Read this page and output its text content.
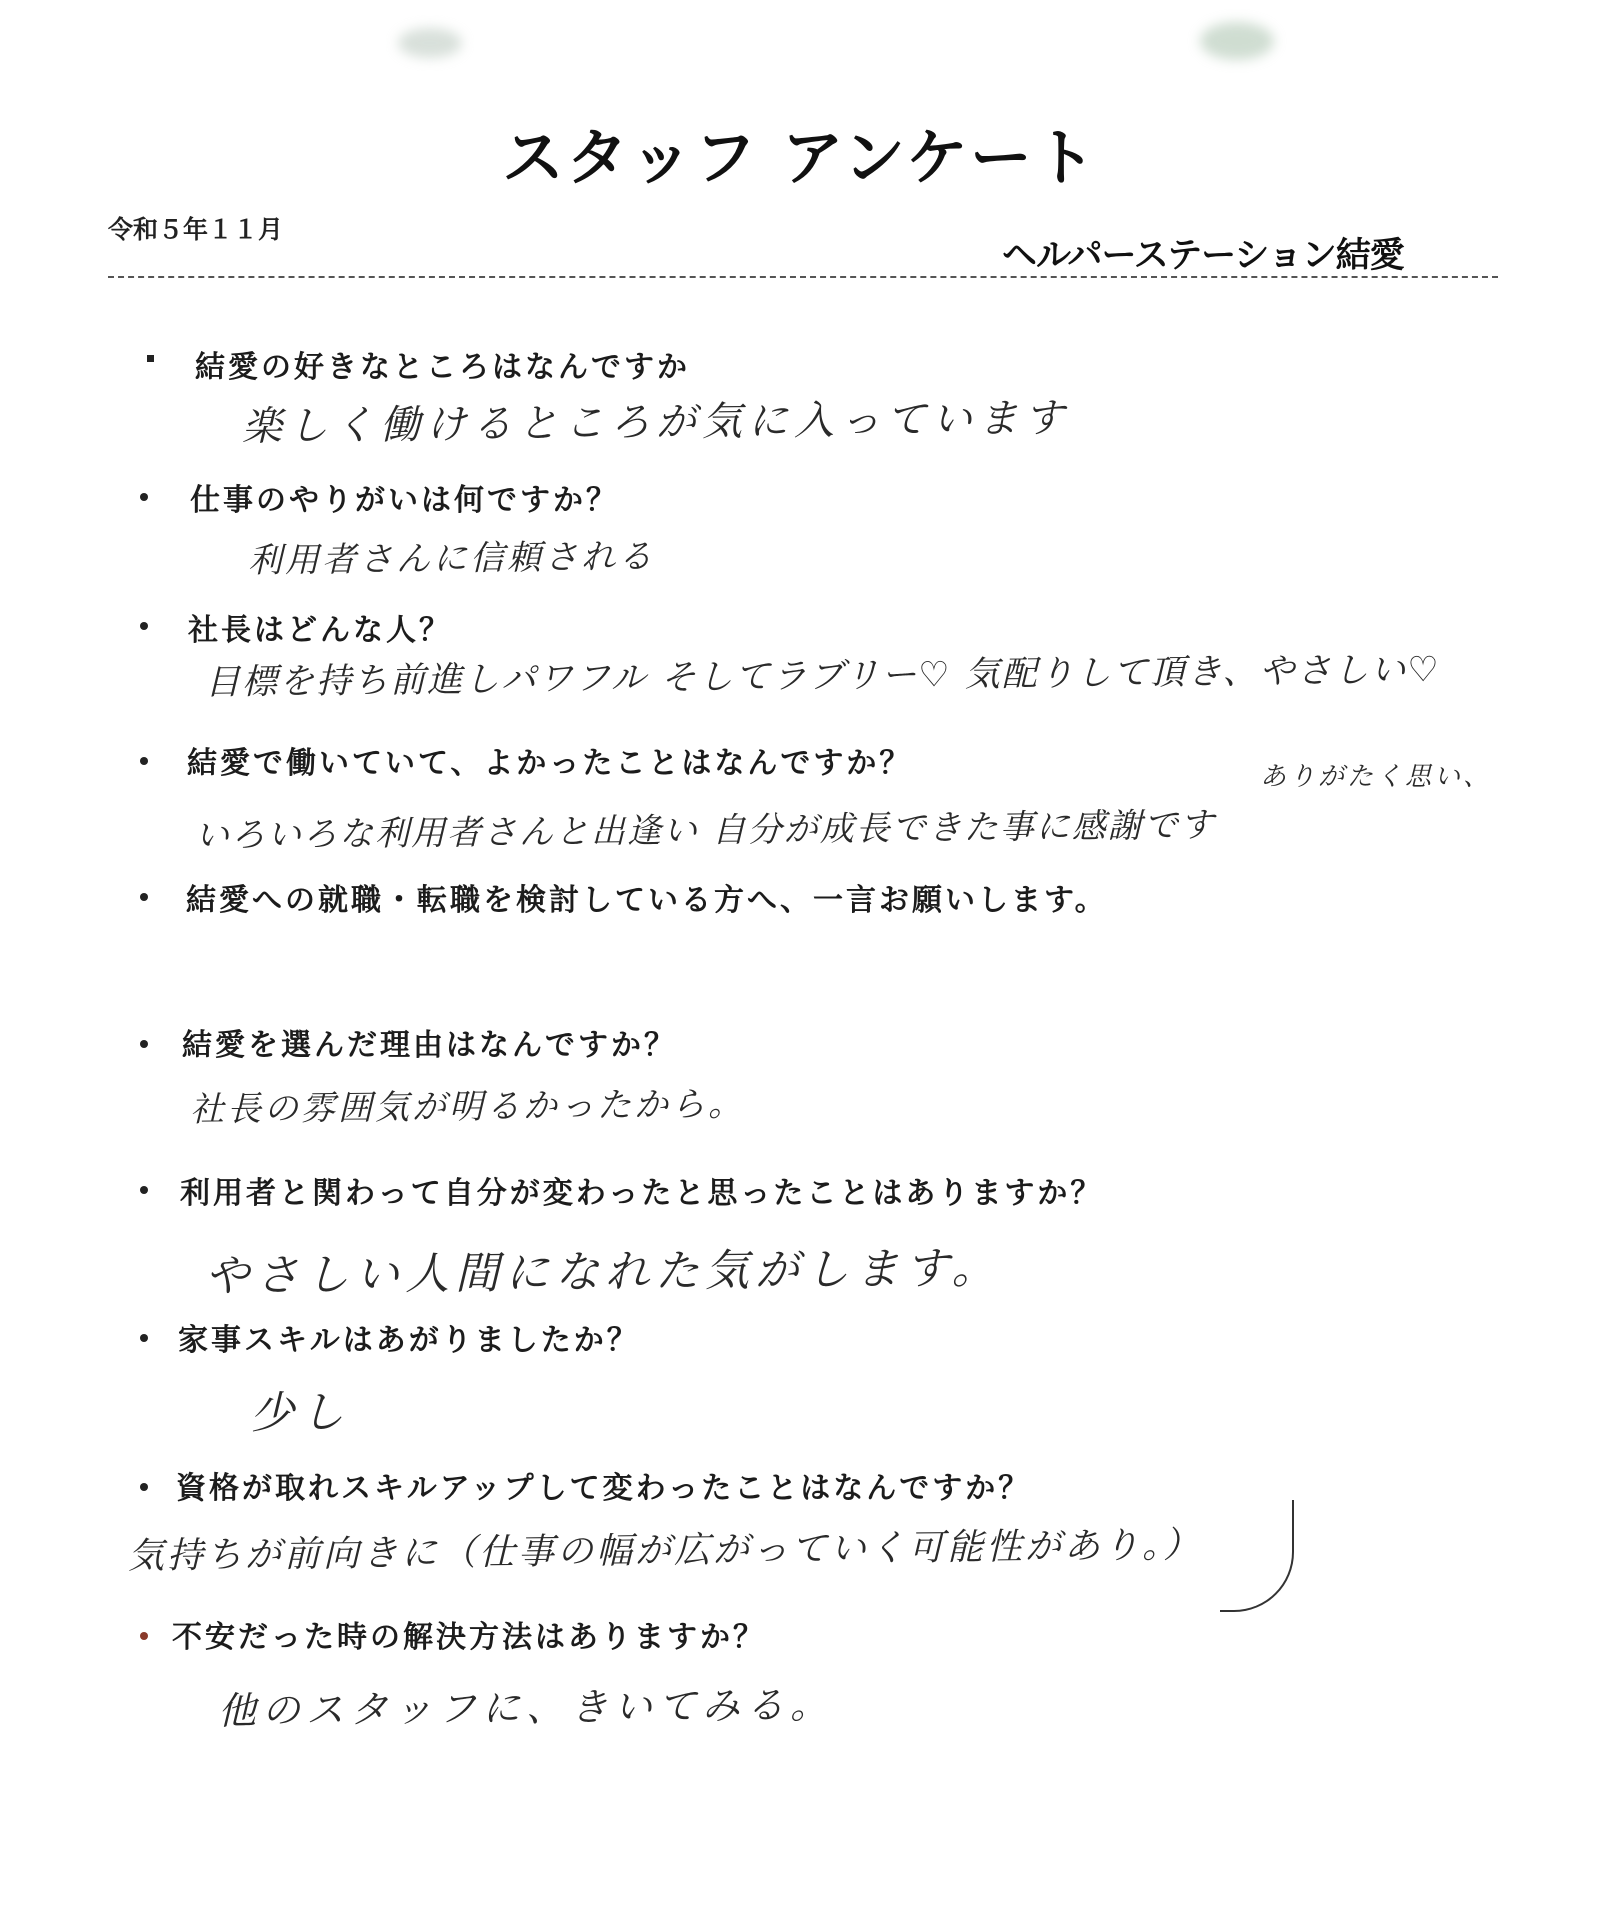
スタッフ アンケート
令和５年１１月
ヘルパーステーション結愛
結愛の好きなところはなんですか
楽しく働けるところが気に入っています
仕事のやりがいは何ですか？
利用者さんに信頼される
社長はどんな人？
目標を持ち前進しパワフル そしてラブリー♡ 気配りして頂き、やさしい♡
結愛で働いていて、よかったことはなんですか？	ありがたく思い、
いろいろな利用者さんと出逢い 自分が成長できた事に感謝です
結愛への就職・転職を検討している方へ、一言お願いします。
結愛を選んだ理由はなんですか？
社長の雰囲気が明るかったから。
利用者と関わって自分が変わったと思ったことはありますか？
やさしい人間になれた気がします。
家事スキルはあがりましたか？
少し
資格が取れスキルアップして変わったことはなんですか？
気持ちが前向きに（仕事の幅が広がっていく可能性があり。）
不安だった時の解決方法はありますか？
他のスタッフに、きいてみる。
